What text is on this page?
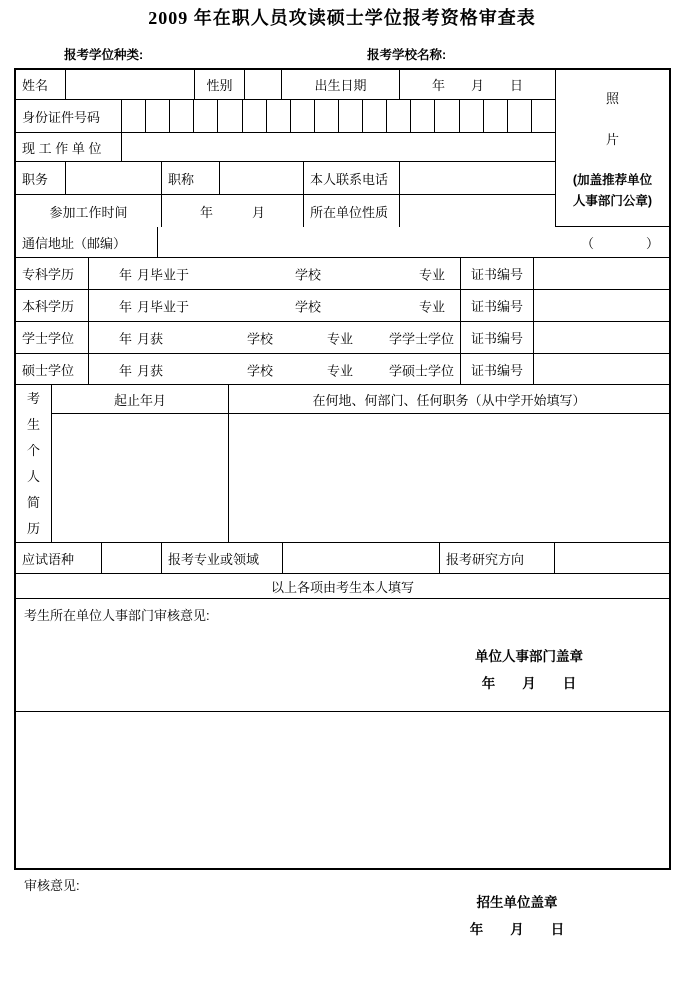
2009 年在职人员攻读硕士学位报考资格审查表
报考学位种类:	报考学校名称:
姓名	性别	出生日期	年　　月　　日
身份证件号码
现 工 作 单 位
职务	职称	本人联系电话
参加工作时间	年　　　月	所在单位性质
照
片
(加盖推荐单位
人事部门公章)
通信地址（邮编）	（　　　　）
专科学历	年 月毕业于	学校	专业	证书编号
本科学历	年 月毕业于	学校	专业	证书编号
学士学位	年 月获	学校	专业	学学士学位	证书编号
硕士学位	年 月获	学校	专业	学硕士学位	证书编号
考生个人简历
起止年月	在何地、何部门、任何职务（从中学开始填写）
应试语种	报考专业或领域	报考研究方向
以上各项由考生本人填写
考生所在单位人事部门审核意见:
单位人事部门盖章
年　　月　　日
审核意见:
招生单位盖章
年　　月　　日
